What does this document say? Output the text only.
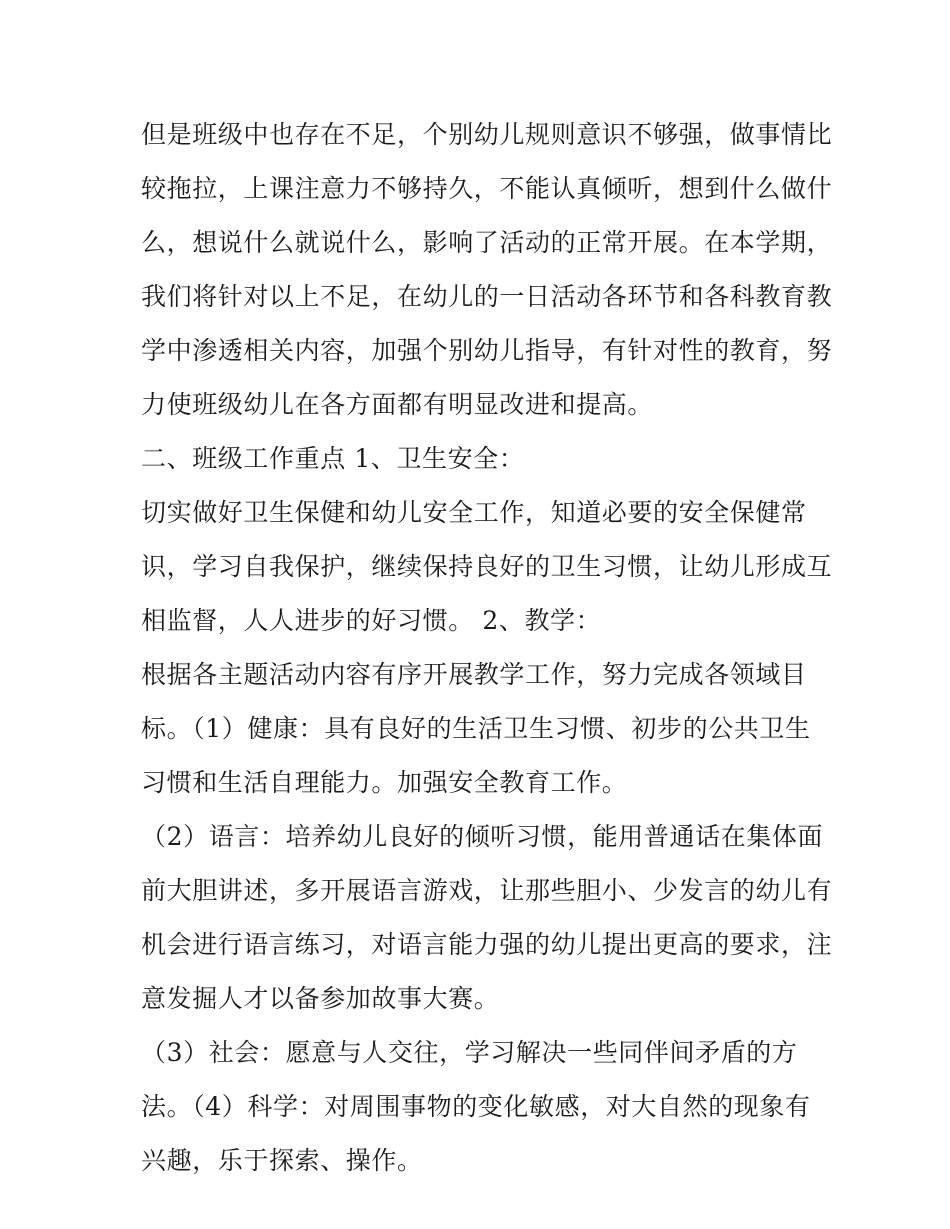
但是班级中也存在不足，个别幼儿规则意识不够强，做事情比
较拖拉，上课注意力不够持久，不能认真倾听，想到什么做什
么，想说什么就说什么，影响了活动的正常开展。在本学期，
我们将针对以上不足，在幼儿的一日活动各环节和各科教育教
学中渗透相关内容，加强个别幼儿指导，有针对性的教育，努
力使班级幼儿在各方面都有明显改进和提高。
二、班级工作重点 1、卫生安全：
切实做好卫生保健和幼儿安全工作，知道必要的安全保健常
识，学习自我保护，继续保持良好的卫生习惯，让幼儿形成互
相监督，人人进步的好习惯。 2、教学：
根据各主题活动内容有序开展教学工作，努力完成各领域目
标。（1）健康：具有良好的生活卫生习惯、初步的公共卫生
习惯和生活自理能力。加强安全教育工作。
（2）语言：培养幼儿良好的倾听习惯，能用普通话在集体面
前大胆讲述，多开展语言游戏，让那些胆小、少发言的幼儿有
机会进行语言练习，对语言能力强的幼儿提出更高的要求，注
意发掘人才以备参加故事大赛。
（3）社会：愿意与人交往，学习解决一些同伴间矛盾的方
法。（4）科学：对周围事物的变化敏感，对大自然的现象有
兴趣，乐于探索、操作。
